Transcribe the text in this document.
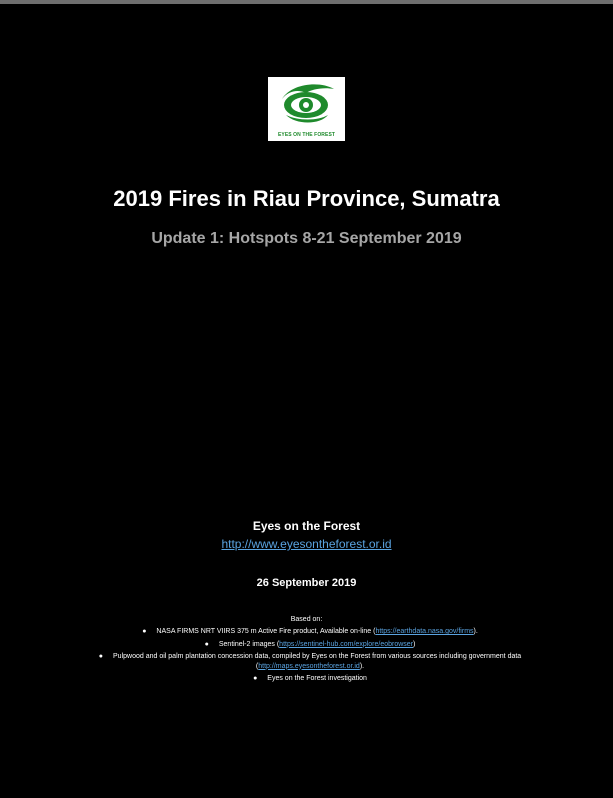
EYES ON THE FOREST
2019 Fires in Riau Province, Sumatra
Update 1: Hotspots 8-21 September 2019
Eyes on the Forest
http://www.eyesontheforest.or.id
26 September 2019
Based on:
● NASA FIRMS NRT VIIRS 375 m Active Fire product, Available on-line (https://earthdata.nasa.gov/firms).
● Sentinel-2 images (https://sentinel-hub.com/explore/eobrowser)
● Pulpwood and oil palm plantation concession data, compiled by Eyes on the Forest from various sources including government data (http://maps.eyesontheforest.or.id).
● Eyes on the Forest investigation
